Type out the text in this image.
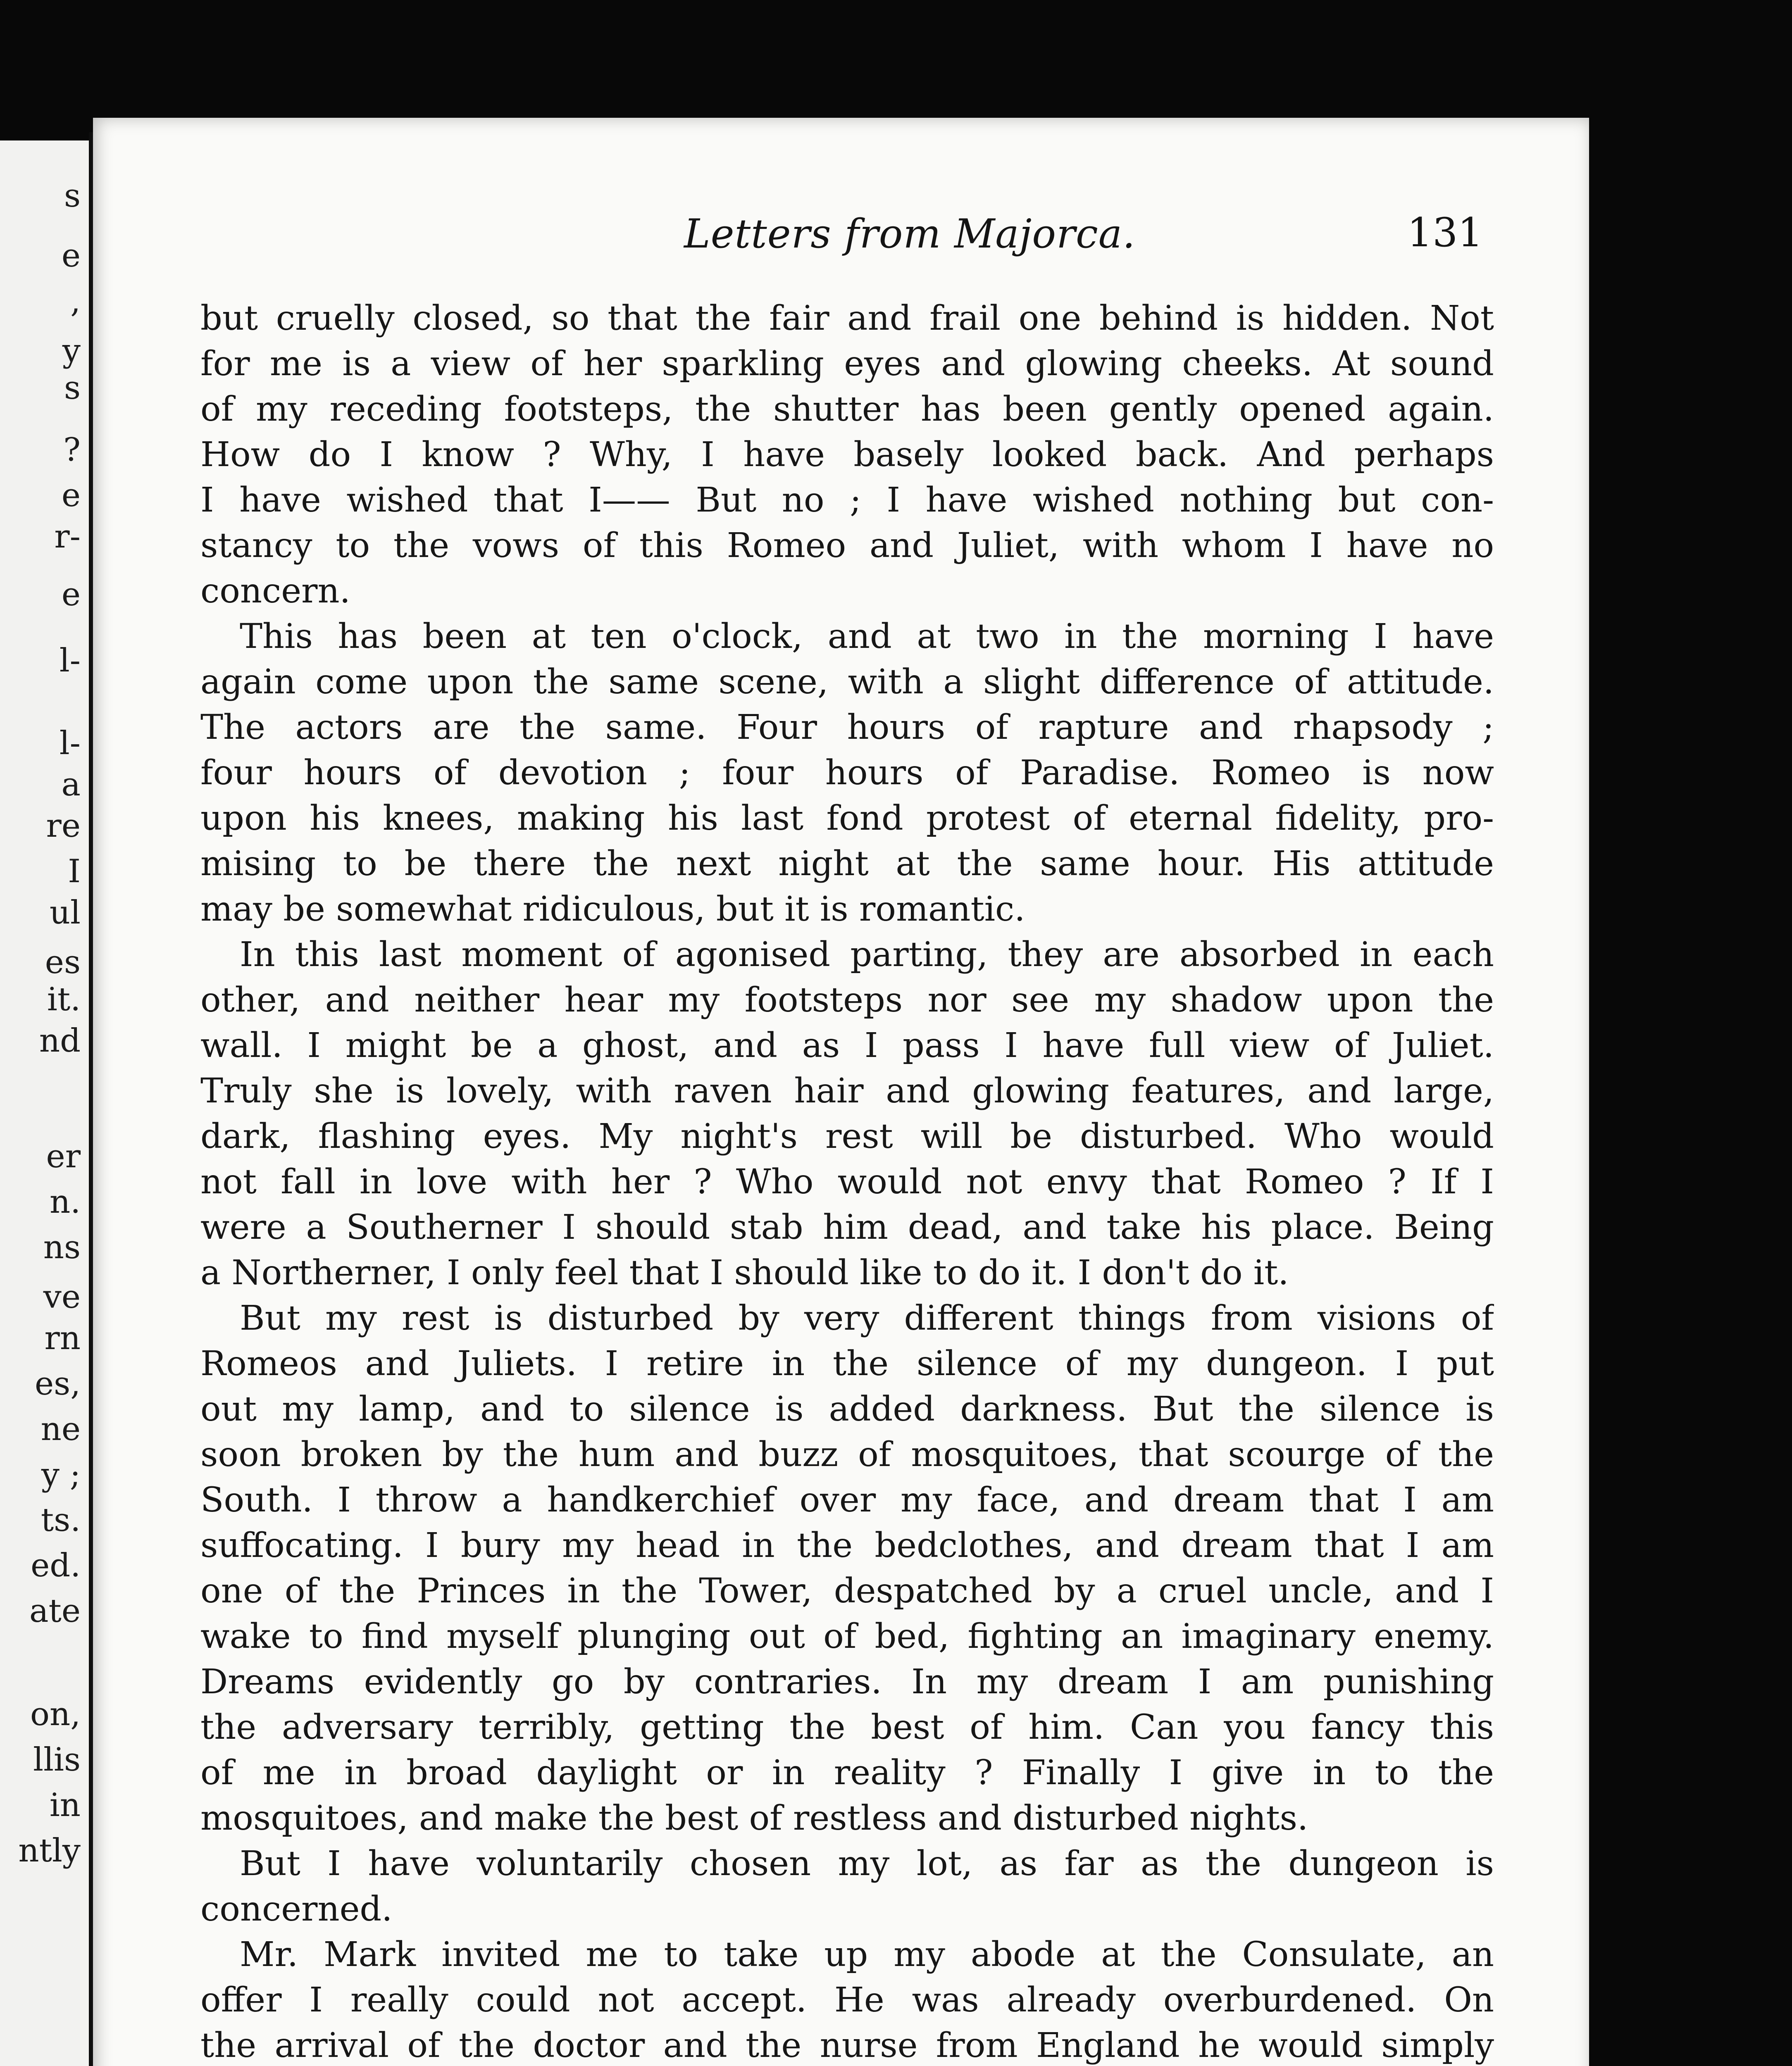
s
e
,
y
s
?
e
r-
e
l-
l-
a
re
I
ul
es
it.
nd
er
n.
ns
ve
rn
es,
ne
y ;
ts.
ed.
ate
on,
llis
in
ntly
Letters from Majorca.	131
but cruelly closed, so that the fair and frail one behind is hidden. Not
for me is a view of her sparkling eyes and glowing cheeks. At sound
of my receding footsteps, the shutter has been gently opened again.
How do I know ? Why, I have basely looked back. And perhaps
I have wished that I—— But no ; I have wished nothing but con-
stancy to the vows of this Romeo and Juliet, with whom I have no
concern.
This has been at ten o'clock, and at two in the morning I have
again come upon the same scene, with a slight difference of attitude.
The actors are the same. Four hours of rapture and rhapsody ;
four hours of devotion ; four hours of Paradise. Romeo is now
upon his knees, making his last fond protest of eternal fidelity, pro-
mising to be there the next night at the same hour. His attitude
may be somewhat ridiculous, but it is romantic.
In this last moment of agonised parting, they are absorbed in each
other, and neither hear my footsteps nor see my shadow upon the
wall. I might be a ghost, and as I pass I have full view of Juliet.
Truly she is lovely, with raven hair and glowing features, and large,
dark, flashing eyes. My night's rest will be disturbed. Who would
not fall in love with her ? Who would not envy that Romeo ? If I
were a Southerner I should stab him dead, and take his place. Being
a Northerner, I only feel that I should like to do it. I don't do it.
But my rest is disturbed by very different things from visions of
Romeos and Juliets. I retire in the silence of my dungeon. I put
out my lamp, and to silence is added darkness. But the silence is
soon broken by the hum and buzz of mosquitoes, that scourge of the
South. I throw a handkerchief over my face, and dream that I am
suffocating. I bury my head in the bedclothes, and dream that I am
one of the Princes in the Tower, despatched by a cruel uncle, and I
wake to find myself plunging out of bed, fighting an imaginary enemy.
Dreams evidently go by contraries. In my dream I am punishing
the adversary terribly, getting the best of him. Can you fancy this
of me in broad daylight or in reality ? Finally I give in to the
mosquitoes, and make the best of restless and disturbed nights.
But I have voluntarily chosen my lot, as far as the dungeon is
concerned.
Mr. Mark invited me to take up my abode at the Consulate, an
offer I really could not accept. He was already overburdened. On
the arrival of the doctor and the nurse from England he would simply
